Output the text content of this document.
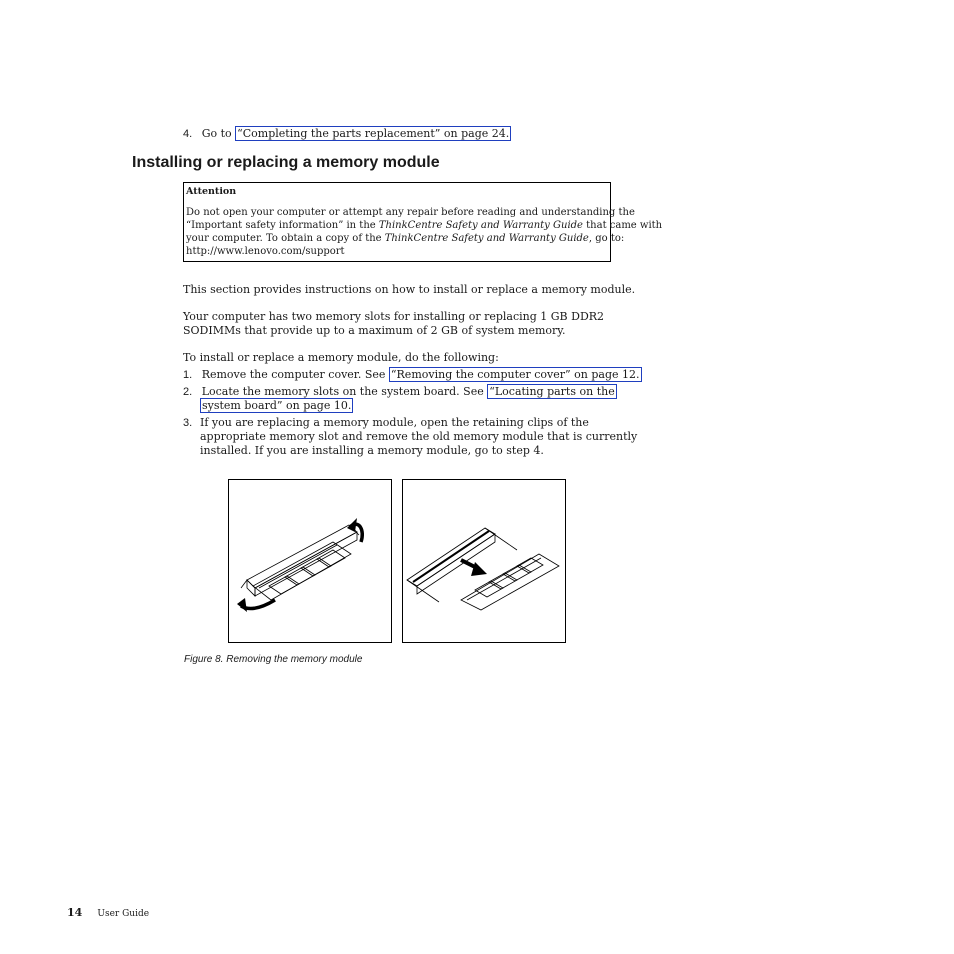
4. Go to “Completing the parts replacement” on page 24.
Installing or replacing a memory module
Attention
Do not open your computer or attempt any repair before reading and understanding the
“Important safety information” in the ThinkCentre Safety and Warranty Guide that came with
your computer. To obtain a copy of the ThinkCentre Safety and Warranty Guide, go to:
http://www.lenovo.com/support
This section provides instructions on how to install or replace a memory module.
Your computer has two memory slots for installing or replacing 1 GB DDR2
SODIMMs that provide up to a maximum of 2 GB of system memory.
To install or replace a memory module, do the following:
1. Remove the computer cover. See “Removing the computer cover” on page 12.
2. Locate the memory slots on the system board. See “Locating parts on the
system board” on page 10.
3. If you are replacing a memory module, open the retaining clips of the
appropriate memory slot and remove the old memory module that is currently
installed. If you are installing a memory module, go to step 4.
Figure 8. Removing the memory module
14 User Guide
